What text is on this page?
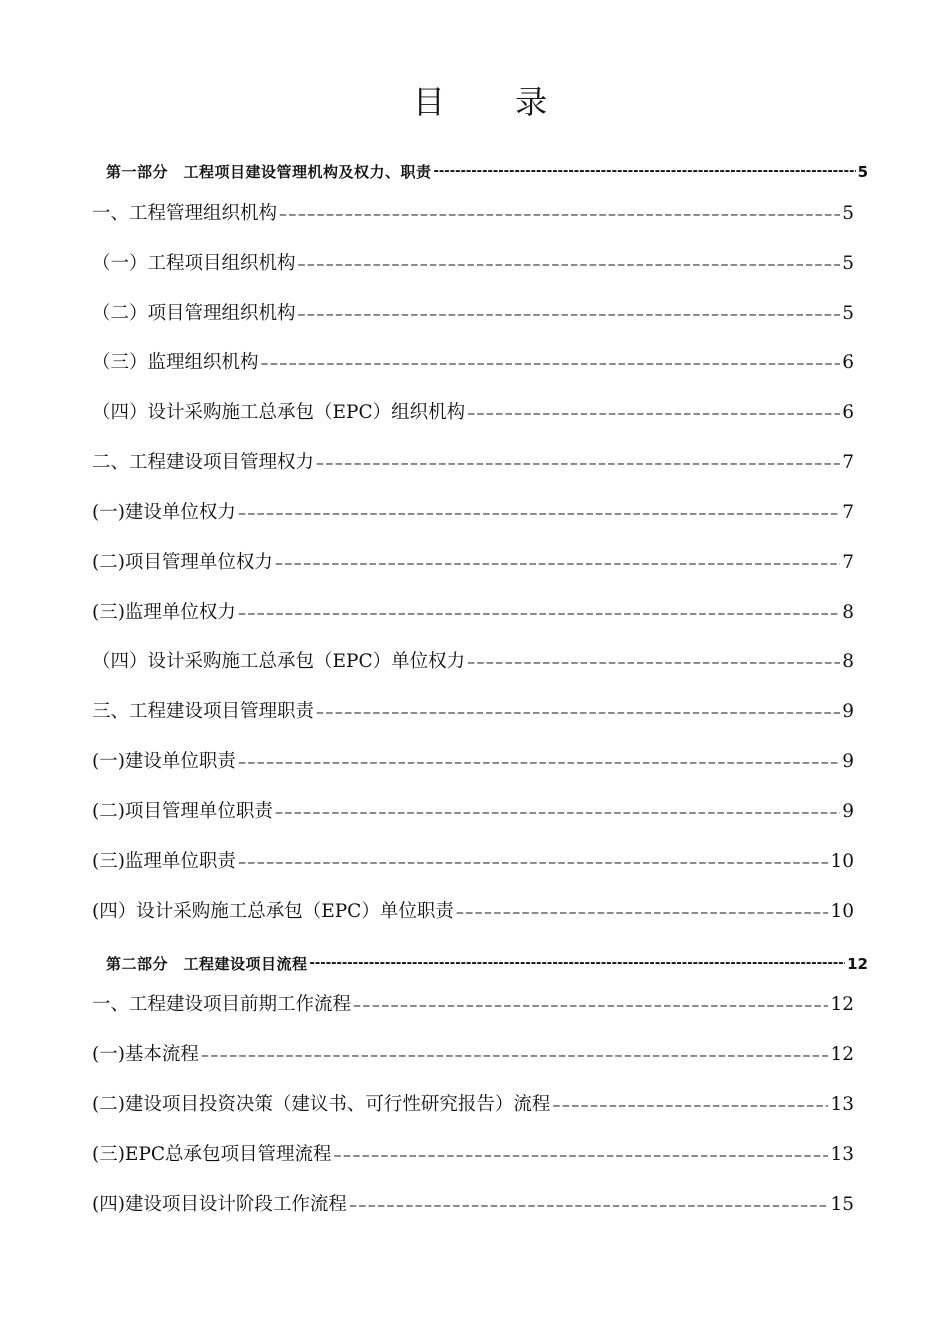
目 录
第一部分　工程项目建设管理机构及权力、职责 -----	5
一、工程管理组织机构 –––––	5
（一）工程项目组织机构 –––––	5
（二）项目管理组织机构 –––––	5
（三）监理组织机构 –––––	6
（四）设计采购施工总承包（EPC）组织机构 –––––	6
二、工程建设项目管理权力 –––––	7
(一)建设单位权力 –––––	7
(二)项目管理单位权力 –––––	7
(三)监理单位权力 –––––	8
（四）设计采购施工总承包（EPC）单位权力 –––––	8
三、工程建设项目管理职责 –––––	9
(一)建设单位职责 –––––	9
(二)项目管理单位职责 –––––	9
(三)监理单位职责 –––––	10
(四）设计采购施工总承包（EPC）单位职责 –––––	10
第二部分　工程建设项目流程 -----	12
一、工程建设项目前期工作流程 –––––	12
(一)基本流程 –––––	12
(二)建设项目投资决策（建议书、可行性研究报告）流程 –––––	13
(三)EPC总承包项目管理流程 –––––	13
(四)建设项目设计阶段工作流程 –––––	15
